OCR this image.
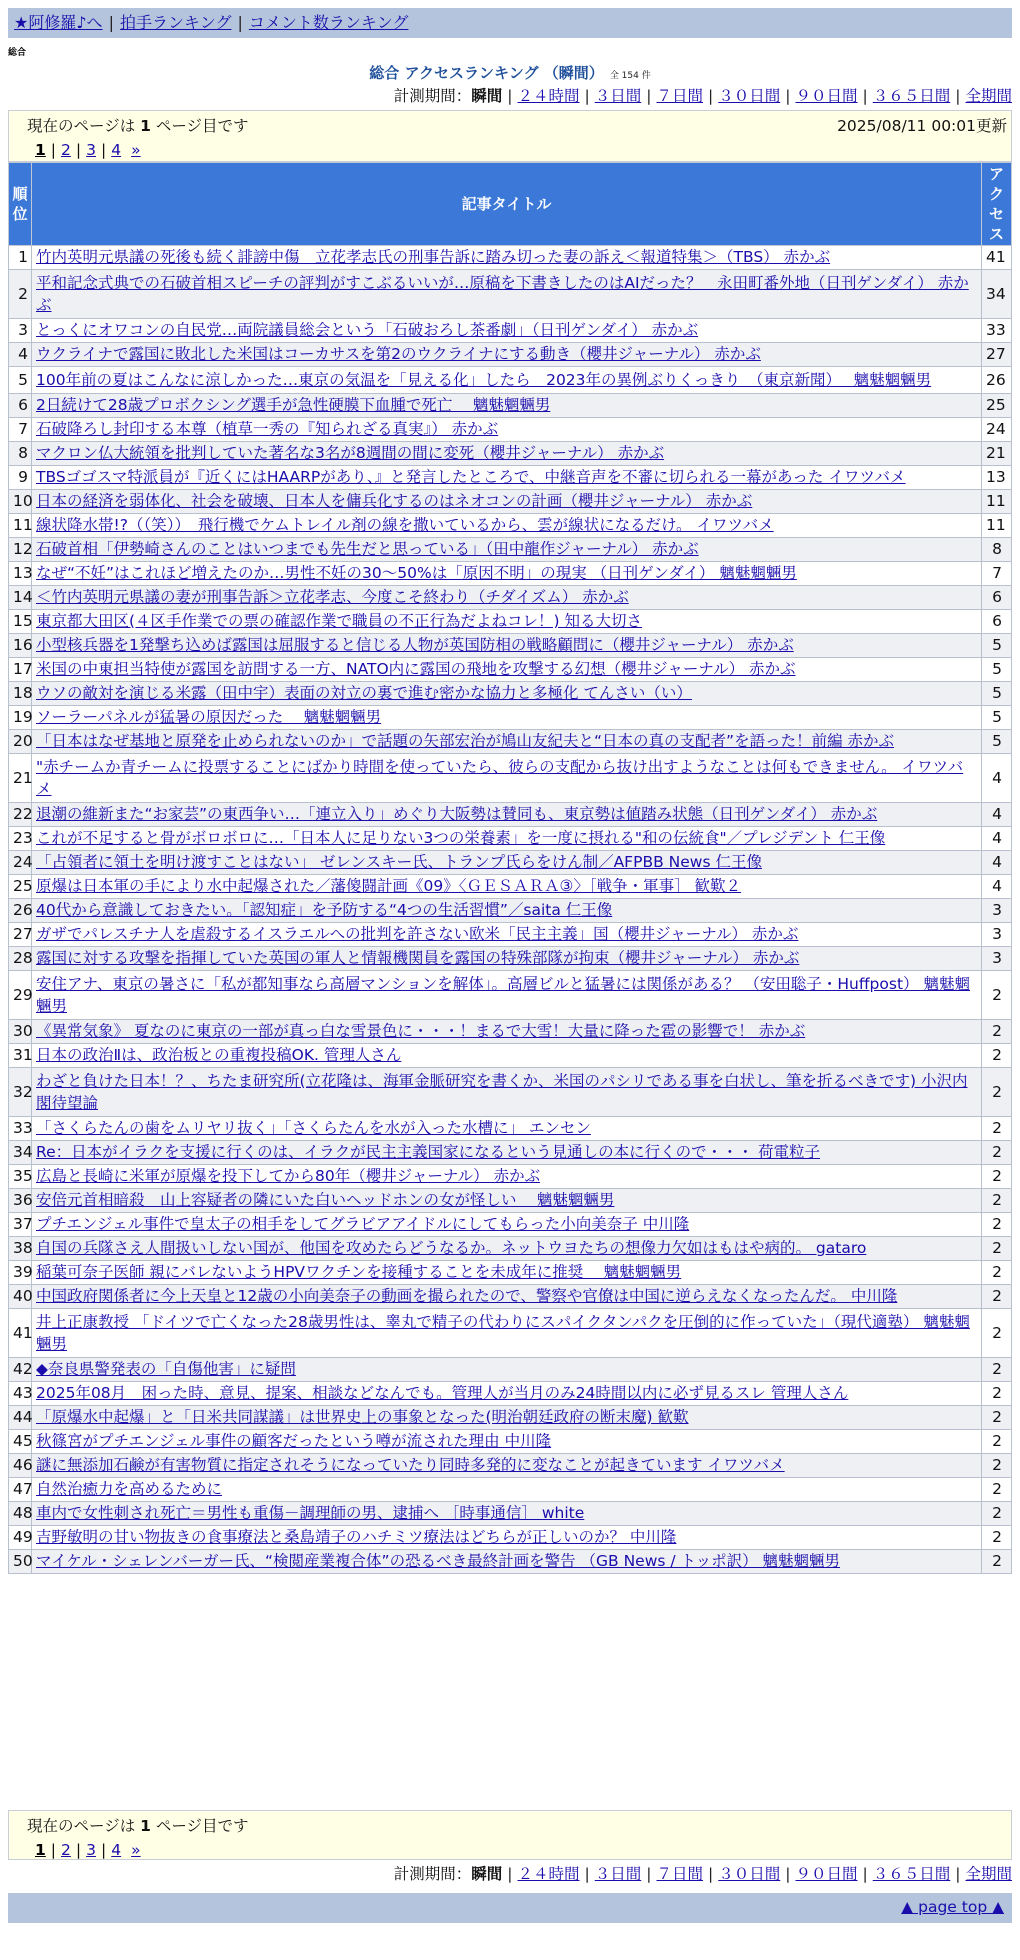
★阿修羅♪へ | 拍手ランキング | コメント数ランキング
総合
総合 アクセスランキング （瞬間） 全 154 件
計測期間：瞬間 | ２４時間 | ３日間 | ７日間 | ３０日間 | ９０日間 | ３６５日間 | 全期間
現在のページは 1 ページ目です	2025/08/11 00:01更新
1 | 2 | 3 | 4 »
順位	記事タイトル	アクセス
1	竹内英明元県議の死後も続く誹謗中傷　立花孝志氏の刑事告訴に踏み切った妻の訴え＜報道特集＞（TBS） 赤かぶ	41
2	平和記念式典での石破首相スピーチの評判がすこぶるいいが…原稿を下書きしたのはAIだった？　永田町番外地（日刊ゲンダイ） 赤かぶ	34
3	とっくにオワコンの自民党…両院議員総会という「石破おろし茶番劇」（日刊ゲンダイ） 赤かぶ	33
4	ウクライナで露国に敗北した米国はコーカサスを第2のウクライナにする動き（櫻井ジャーナル） 赤かぶ	27
5	100年前の夏はこんなに涼しかった…東京の気温を「見える化」したら　2023年の異例ぶりくっきり　（東京新聞）　 魑魅魍魎男	26
6	2日続けて28歳プロボクシング選手が急性硬膜下血腫で死亡　 魑魅魍魎男	25
7	石破降ろし封印する本尊（植草一秀の『知られざる真実』） 赤かぶ	24
8	マクロン仏大統領を批判していた著名な3名が8週間の間に変死（櫻井ジャーナル） 赤かぶ	21
9	TBSゴゴスマ特派員が『近くにはHAARPがあり、』と発言したところで、中継音声を不審に切られる一幕があった イワツバメ	13
10	日本の経済を弱体化、社会を破壊、日本人を傭兵化するのはネオコンの計画（櫻井ジャーナル） 赤かぶ	11
11	線状降水帯!?（（笑））　飛行機でケムトレイル剤の線を撒いているから、雲が線状になるだけ。 イワツバメ	11
12	石破首相「伊勢崎さんのことはいつまでも先生だと思っている」（田中龍作ジャーナル） 赤かぶ	8
13	なぜ“不妊”はこれほど増えたのか…男性不妊の30～50%は「原因不明」の現実 （日刊ゲンダイ） 魑魅魍魎男	7
14	＜竹内英明元県議の妻が刑事告訴＞立花孝志、今度こそ終わり（チダイズム） 赤かぶ	6
15	東京都大田区(４区手作業での票の確認作業で職員の不正行為だよねコレ！) 知る大切さ	6
16	小型核兵器を1発撃ち込めば露国は屈服すると信じる人物が英国防相の戦略顧問に（櫻井ジャーナル） 赤かぶ	5
17	米国の中東担当特使が露国を訪問する一方、NATO内に露国の飛地を攻撃する幻想（櫻井ジャーナル） 赤かぶ	5
18	ウソの敵対を演じる米露（田中宇）表面の対立の裏で進む密かな協力と多極化 てんさい（い）	5
19	ソーラーパネルが猛暑の原因だった　 魑魅魍魎男	5
20	「日本はなぜ基地と原発を止められないのか」で話題の矢部宏治が鳩山友紀夫と“日本の真の支配者”を語った！前編 赤かぶ	5
21	"赤チームか青チームに投票することにばかり時間を使っていたら、彼らの支配から抜け出すようなことは何もできません。 イワツバメ	4
22	退潮の維新また“お家芸”の東西争い…「連立入り」めぐり大阪勢は賛同も、東京勢は値踏み状態（日刊ゲンダイ） 赤かぶ	4
23	これが不足すると骨がボロボロに…「日本人に足りない3つの栄養素」を一度に摂れる"和の伝統食"／プレジデント 仁王像	4
24	「占領者に領土を明け渡すことはない」 ゼレンスキー氏、トランプ氏らをけん制／AFPBB News 仁王像	4
25	原爆は日本軍の手により水中起爆された／藩傻闘計画《09》〈ＧＥＳＡＲＡ③〉［戦争・軍事］ 歓歎２	4
26	40代から意識しておきたい。「認知症」を予防する“4つの生活習慣”／saita 仁王像	3
27	ガザでパレスチナ人を虐殺するイスラエルへの批判を許さない欧米「民主主義」国（櫻井ジャーナル） 赤かぶ	3
28	露国に対する攻撃を指揮していた英国の軍人と情報機関員を露国の特殊部隊が拘束（櫻井ジャーナル） 赤かぶ	3
29	安住アナ、東京の暑さに「私が都知事なら高層マンションを解体」。高層ビルと猛暑には関係がある？ （安田聡子・Huffpost） 魑魅魍魎男	2
30	《異常気象》 夏なのに東京の一部が真っ白な雪景色に・・・！まるで大雪！大量に降った雹の影響で！ 赤かぶ	2
31	日本の政治Ⅱは、政治板との重複投稿OK. 管理人さん	2
32	わざと負けた日本！？、ちたま研究所(立花隆は、海軍金脈研究を書くか、米国のパシリである事を白状し、筆を折るべきです) 小沢内閣待望論	2
33	「さくらたんの歯をムリヤリ抜く」「さくらたんを水が入った水槽に」 エンセン	2
34	Re：日本がイラクを支援に行くのは、イラクが民主主義国家になるという見通しの本に行くので・・・ 荷電粒子	2
35	広島と長崎に米軍が原爆を投下してから80年（櫻井ジャーナル） 赤かぶ	2
36	安倍元首相暗殺　山上容疑者の隣にいた白いヘッドホンの女が怪しい　 魑魅魍魎男	2
37	プチエンジェル事件で皇太子の相手をしてグラビアアイドルにしてもらった小向美奈子 中川隆	2
38	自国の兵隊さえ人間扱いしない国が、他国を攻めたらどうなるか。ネットウヨたちの想像力欠如はもはや病的。 gataro	2
39	稲葉可奈子医師 親にバレないようHPVワクチンを接種することを未成年に推奨　 魑魅魍魎男	2
40	中国政府関係者に今上天皇と12歳の小向美奈子の動画を撮られたので、警察や官僚は中国に逆らえなくなったんだ。 中川隆	2
41	井上正康教授 「ドイツで亡くなった28歳男性は、睾丸で精子の代わりにスパイクタンパクを圧倒的に作っていた」（現代適塾） 魑魅魍魎男	2
42	◆奈良県警発表の「自傷他害」に疑問	2
43	2025年08月　困った時、意見、提案、相談などなんでも。管理人が当月のみ24時間以内に必ず見るスレ 管理人さん	2
44	「原爆水中起爆」と「日米共同謀議」は世界史上の事象となった(明治朝廷政府の断末魔) 歓歎	2
45	秋篠宮がプチエンジェル事件の顧客だったという噂が流された理由 中川隆	2
46	謎に無添加石鹸が有害物質に指定されそうになっていたり同時多発的に変なことが起きています イワツバメ	2
47	自然治癒力を高めるために	2
48	車内で女性刺され死亡＝男性も重傷－調理師の男、逮捕へ ［時事通信］ white	2
49	吉野敏明の甘い物抜きの食事療法と桑島靖子のハチミツ療法はどちらが正しいのか？ 中川隆	2
50	マイケル・シェレンバーガー氏、“検閲産業複合体”の恐るべき最終計画を警告 （GB News / トッポ訳） 魑魅魍魎男	2
現在のページは 1 ページ目です
1 | 2 | 3 | 4 »
計測期間：瞬間 | ２４時間 | ３日間 | ７日間 | ３０日間 | ９０日間 | ３６５日間 | 全期間
▲ page top ▲
